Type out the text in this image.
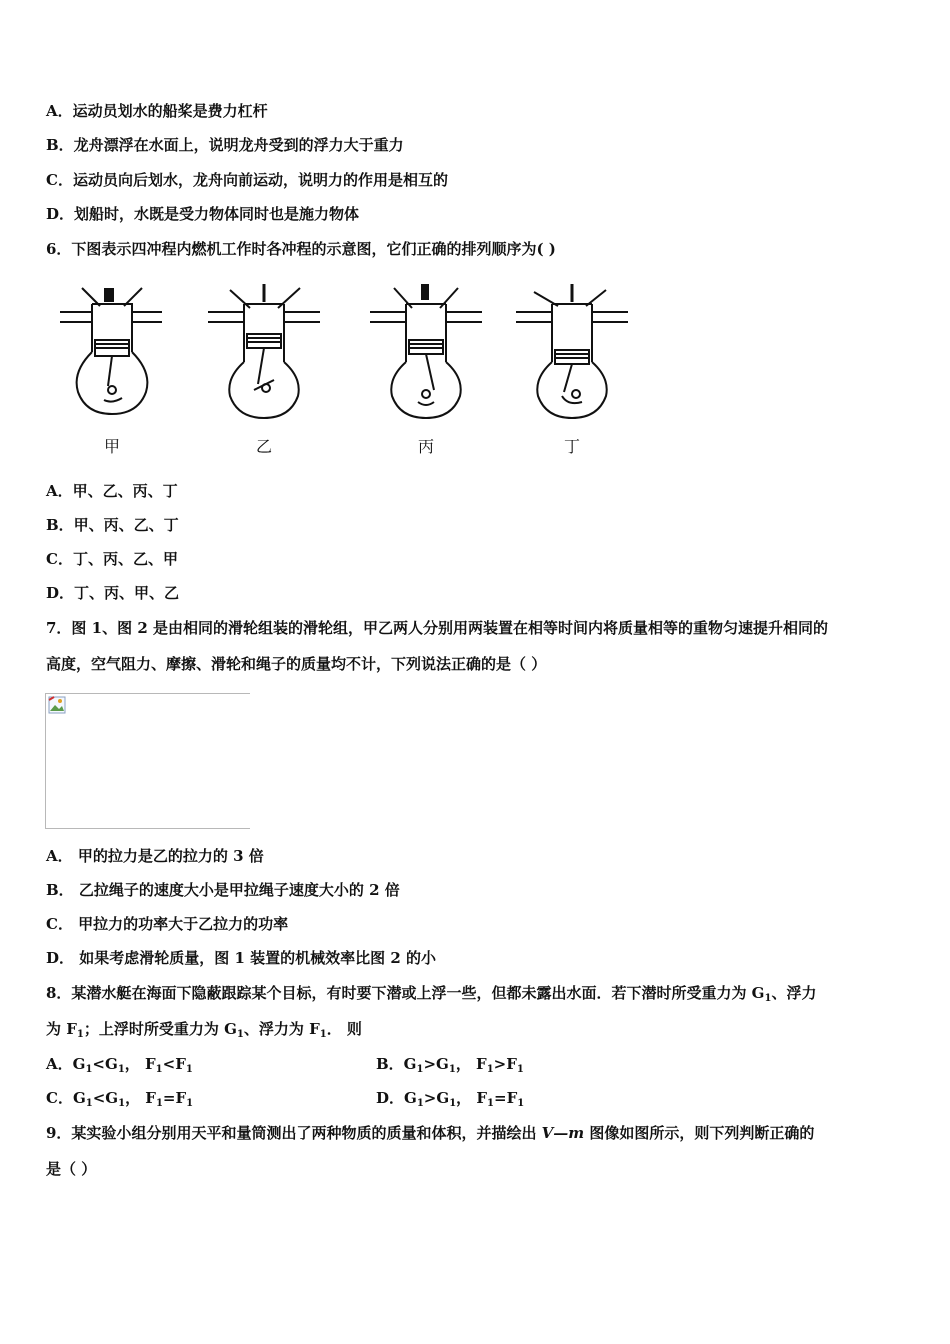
A．运动员划水的船桨是费力杠杆
B．龙舟漂浮在水面上，说明龙舟受到的浮力大于重力
C．运动员向后划水，龙舟向前运动，说明力的作用是相互的
D．划船时，水既是受力物体同时也是施力物体
6．下图表示四冲程内燃机工作时各冲程的示意图，它们正确的排列顺序为( )
甲	乙	丙	丁
A．甲、乙、丙、丁
B．甲、丙、乙、丁
C．丁、丙、乙、甲
D．丁、丙、甲、乙
7．图 1、图 2 是由相同的滑轮组装的滑轮组，甲乙两人分别用两装置在相等时间内将质量相等的重物匀速提升相同的
高度，空气阻力、摩擦、滑轮和绳子的质量均不计，下列说法正确的是（ ）
A． 甲的拉力是乙的拉力的 3 倍
B． 乙拉绳子的速度大小是甲拉绳子速度大小的 2 倍
C． 甲拉力的功率大于乙拉力的功率
D． 如果考虑滑轮质量，图 1 装置的机械效率比图 2 的小
8．某潜水艇在海面下隐蔽跟踪某个目标，有时要下潜或上浮一些，但都未露出水面．若下潜时所受重力为 $G_1$、浮力
为 $F_1$；上浮时所受重力为 $G_1$、浮力为 $F_1$． 则
A．$G_1<G_1$， $F_1<F_1$	B．$G_1>G_1$， $F_1>F_1$
C．$G_1<G_1$， $F_1=F_1$	D．$G_1>G_1$， $F_1=F_1$
9．某实验小组分别用天平和量筒测出了两种物质的质量和体积，并描绘出 V—m 图像如图所示，则下列判断正确的
是（ ）
